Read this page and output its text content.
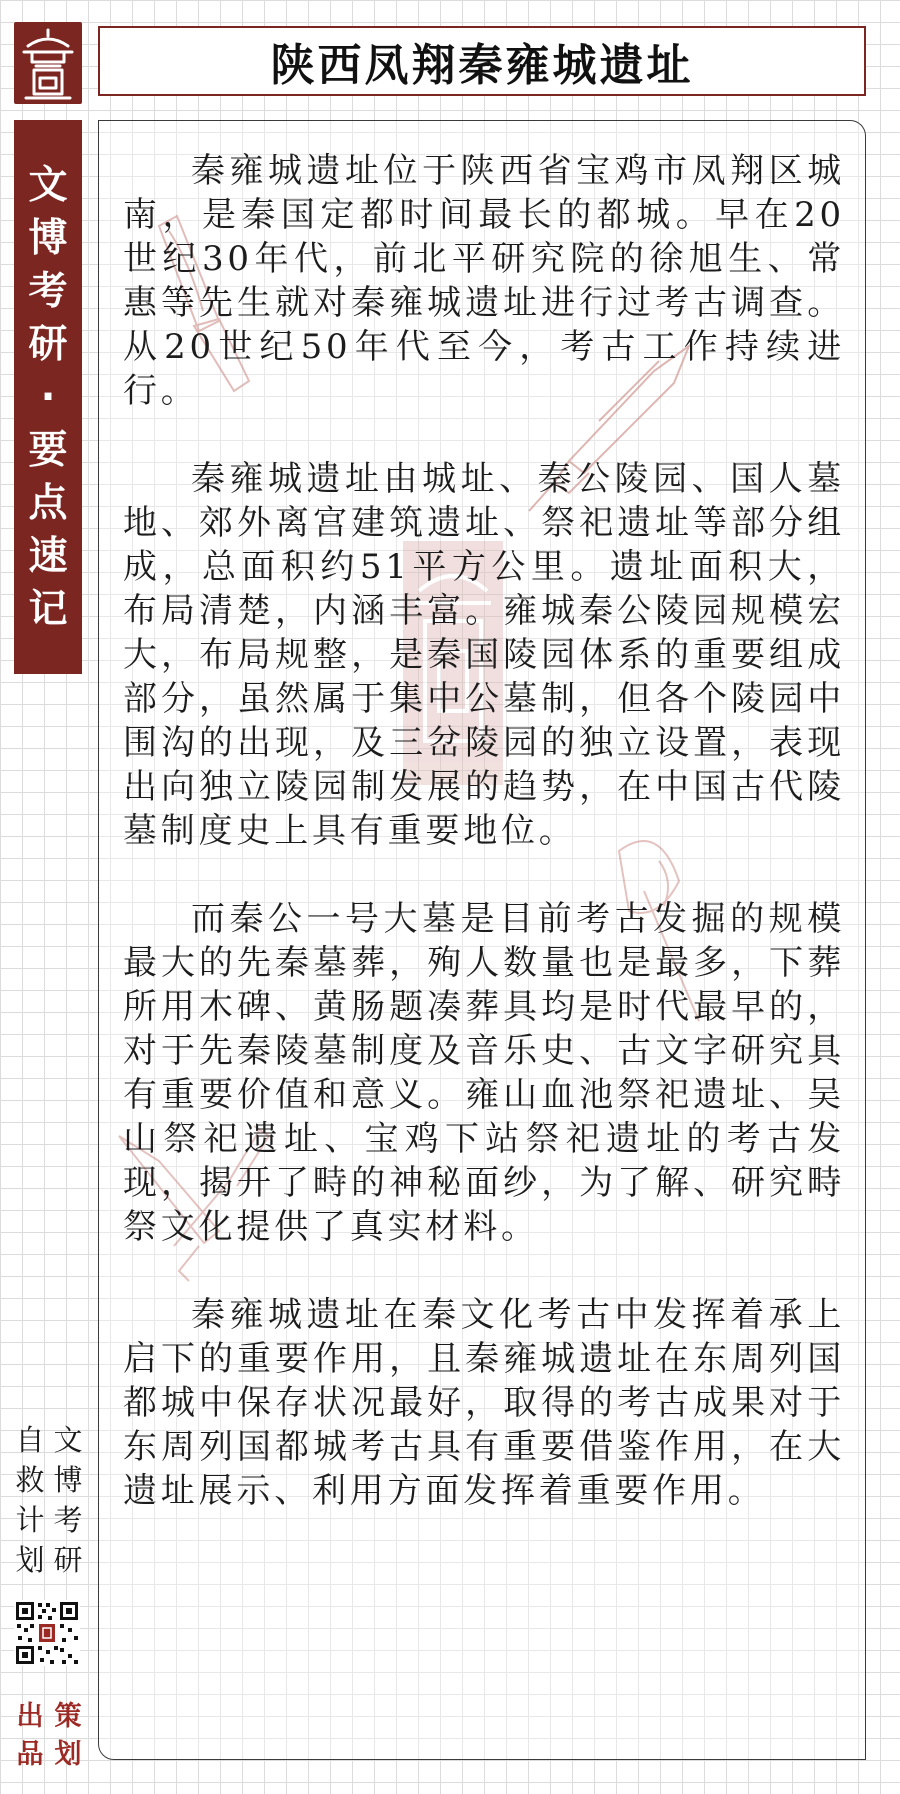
陕西凤翔秦雍城遗址
文博考研·要点速记

秦雍城遗址位于陕西省宝鸡市凤翔区城南，是秦国定都时间最长的都城。早在20世纪30年代，前北平研究院的徐旭生、常惠等先生就对秦雍城遗址进行过考古调查。从20世纪50年代至今，考古工作持续进行。

秦雍城遗址由城址、秦公陵园、国人墓地、郊外离宫建筑遗址、祭祀遗址等部分组成，总面积约51平方公里。遗址面积大，布局清楚，内涵丰富。雍城秦公陵园规模宏大，布局规整，是秦国陵园体系的重要组成部分，虽然属于集中公墓制，但各个陵园中围沟的出现，及三岔陵园的独立设置，表现出向独立陵园制发展的趋势，在中国古代陵墓制度史上具有重要地位。

而秦公一号大墓是目前考古发掘的规模最大的先秦墓葬，殉人数量也是最多，下葬所用木碑、黄肠题凑葬具均是时代最早的，对于先秦陵墓制度及音乐史、古文字研究具有重要价值和意义。雍山血池祭祀遗址、吴山祭祀遗址、宝鸡下站祭祀遗址的考古发现，揭开了畤的神秘面纱，为了解、研究畤祭文化提供了真实材料。

秦雍城遗址在秦文化考古中发挥着承上启下的重要作用，且秦雍城遗址在东周列国都城中保存状况最好，取得的考古成果对于东周列国都城考古具有重要借鉴作用，在大遗址展示、利用方面发挥着重要作用。

文博考研
自救计划
策划
出品
